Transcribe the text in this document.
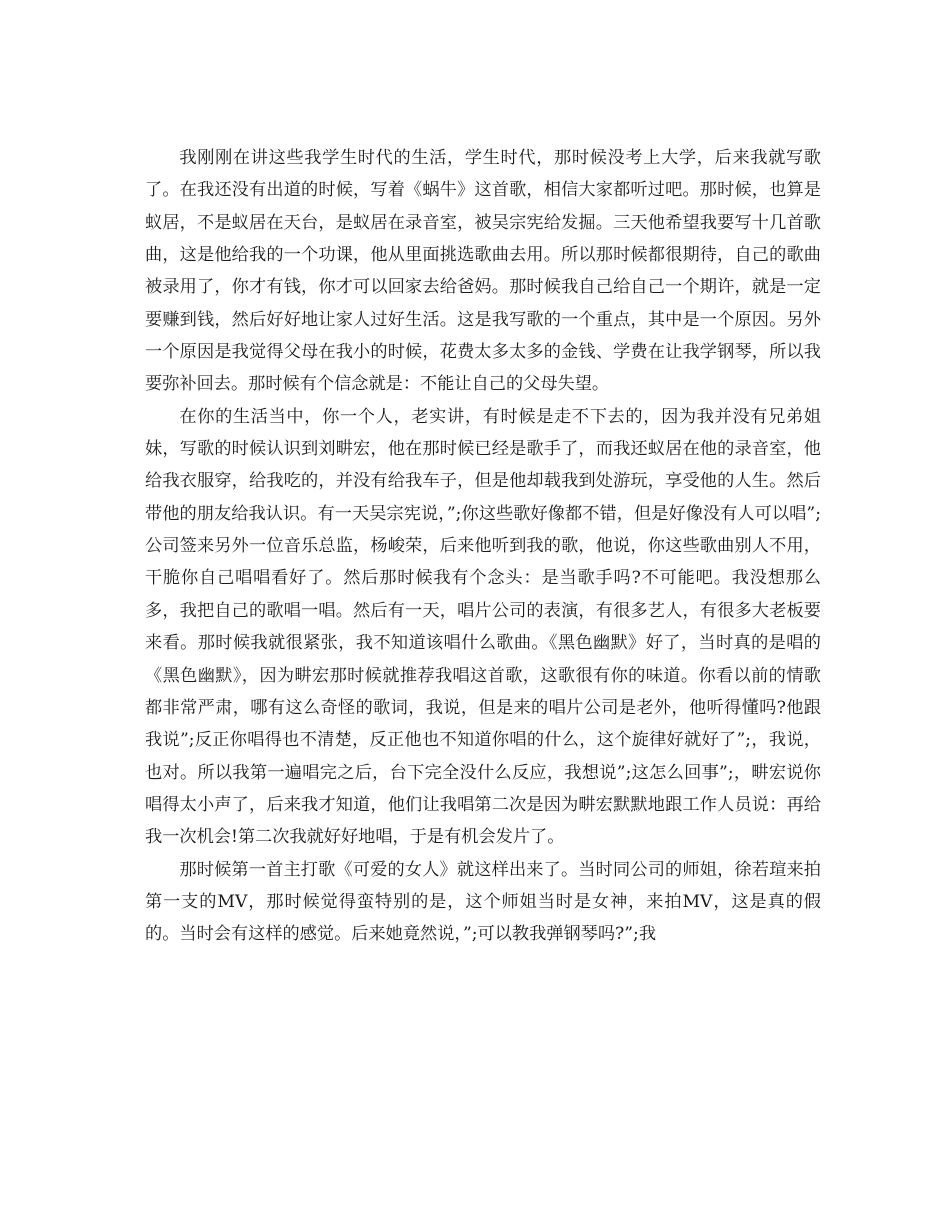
我刚刚在讲这些我学生时代的生活，学生时代，那时候没考上大学，后来我就写歌了。在我还没有出道的时候，写着《蜗牛》这首歌，相信大家都听过吧。那时候，也算是蚁居，不是蚁居在天台，是蚁居在录音室，被吴宗宪给发掘。三天他希望我要写十几首歌曲，这是他给我的一个功课，他从里面挑选歌曲去用。所以那时候都很期待，自己的歌曲被录用了，你才有钱，你才可以回家去给爸妈。那时候我自己给自己一个期许，就是一定要赚到钱，然后好好地让家人过好生活。这是我写歌的一个重点，其中是一个原因。另外一个原因是我觉得父母在我小的时候，花费太多太多的金钱、学费在让我学钢琴，所以我要弥补回去。那时候有个信念就是：不能让自己的父母失望。

在你的生活当中，你一个人，老实讲，有时候是走不下去的，因为我并没有兄弟姐妹，写歌的时候认识到刘畊宏，他在那时候已经是歌手了，而我还蚁居在他的录音室，他给我衣服穿，给我吃的，并没有给我车子，但是他却载我到处游玩，享受他的人生。然后带他的朋友给我认识。有一天吴宗宪说，”;你这些歌好像都不错，但是好像没有人可以唱”;公司签来另外一位音乐总监，杨峻荣，后来他听到我的歌，他说，你这些歌曲别人不用，干脆你自己唱唱看好了。然后那时候我有个念头：是当歌手吗?不可能吧。我没想那么多，我把自己的歌唱一唱。然后有一天，唱片公司的表演，有很多艺人，有很多大老板要来看。那时候我就很紧张，我不知道该唱什么歌曲。《黑色幽默》好了，当时真的是唱的《黑色幽默》，因为畊宏那时候就推荐我唱这首歌，这歌很有你的味道。你看以前的情歌都非常严肃，哪有这么奇怪的歌词，我说，但是来的唱片公司是老外，他听得懂吗?他跟我说”;反正你唱得也不清楚，反正他也不知道你唱的什么，这个旋律好就好了”;，我说，也对。所以我第一遍唱完之后，台下完全没什么反应，我想说”;这怎么回事”;，畊宏说你唱得太小声了，后来我才知道，他们让我唱第二次是因为畊宏默默地跟工作人员说：再给我一次机会!第二次我就好好地唱，于是有机会发片了。

那时候第一首主打歌《可爱的女人》就这样出来了。当时同公司的师姐，徐若瑄来拍第一支的MV，那时候觉得蛮特别的是，这个师姐当时是女神，来拍MV，这是真的假的。当时会有这样的感觉。后来她竟然说，”;可以教我弹钢琴吗?”;我
